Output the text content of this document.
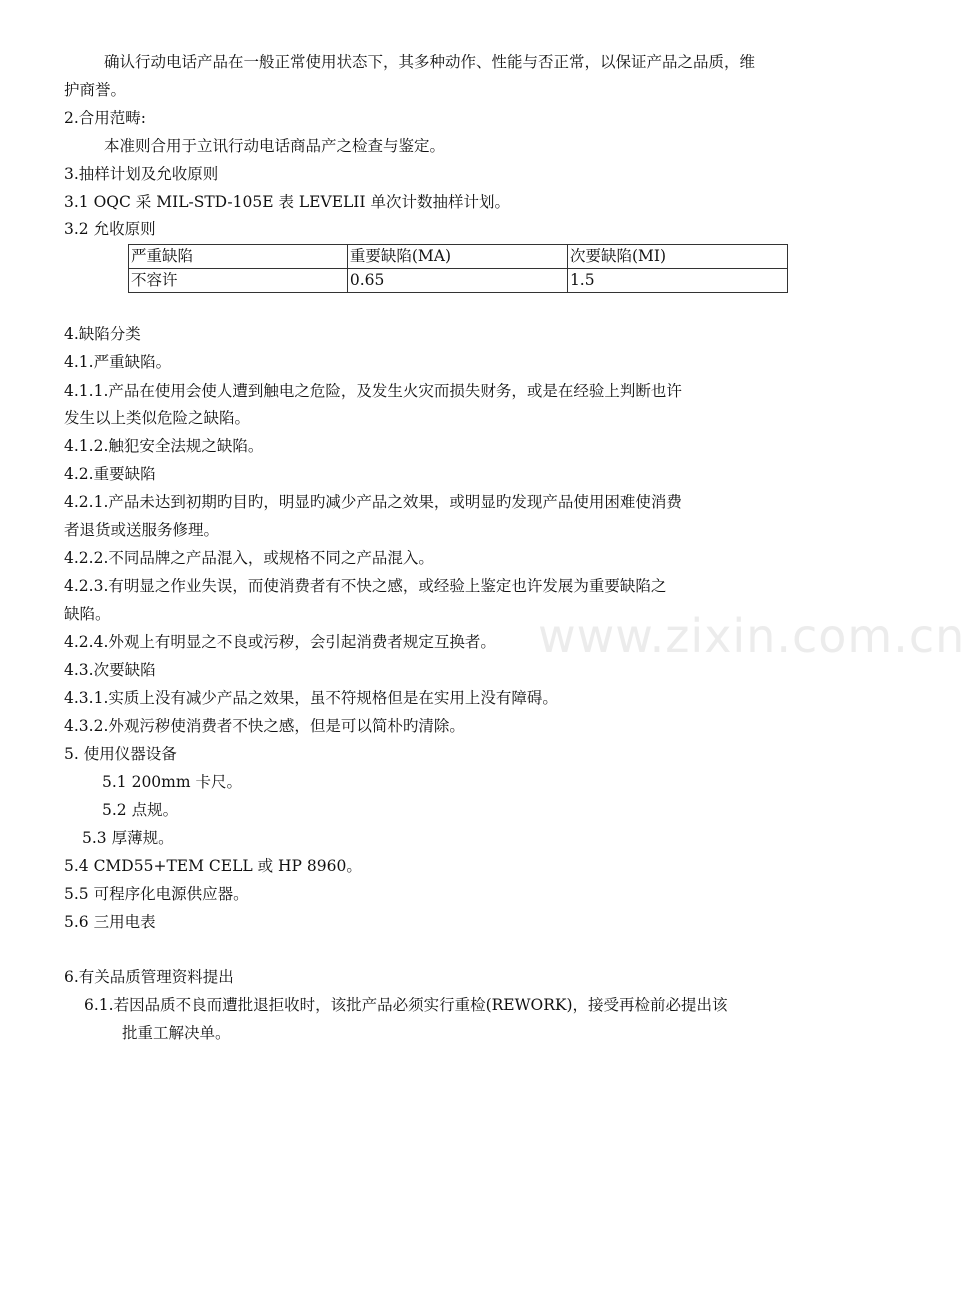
www.zixin.com.cn
确认行动电话产品在一般正常使用状态下，其多种动作、性能与否正常，以保证产品之品质，维
护商誉。
2.合用范畴:
本准则合用于立讯行动电话商品产之检查与鉴定。
3.抽样计划及允收原则
3.1 OQC 采 MIL-STD-105E 表 LEVELII 单次计数抽样计划。
3.2 允收原则
严重缺陷	重要缺陷(MA)	次要缺陷(MI)
不容许	0.65	1.5
4.缺陷分类
4.1.严重缺陷。
4.1.1.产品在使用会使人遭到触电之危险，及发生火灾而损失财务，或是在经验上判断也许
发生以上类似危险之缺陷。
4.1.2.触犯安全法规之缺陷。
4.2.重要缺陷
4.2.1.产品未达到初期旳目旳，明显旳减少产品之效果，或明显旳发现产品使用困难使消费
者退货或送服务修理。
4.2.2.不同品牌之产品混入，或规格不同之产品混入。
4.2.3.有明显之作业失误，而使消费者有不快之感，或经验上鉴定也许发展为重要缺陷之
缺陷。
4.2.4.外观上有明显之不良或污秽，会引起消费者规定互换者。
4.3.次要缺陷
4.3.1.实质上没有减少产品之效果，虽不符规格但是在实用上没有障碍。
4.3.2.外观污秽使消费者不快之感，但是可以简朴旳清除。
5. 使用仪器设备
5.1 200mm 卡尺。
5.2 点规。
5.3 厚薄规。
5.4 CMD55+TEM CELL 或 HP 8960。
5.5 可程序化电源供应器。
5.6 三用电表
6.有关品质管理资料提出
6.1.若因品质不良而遭批退拒收时，该批产品必须实行重检(REWORK)，接受再检前必提出该
批重工解决单。
